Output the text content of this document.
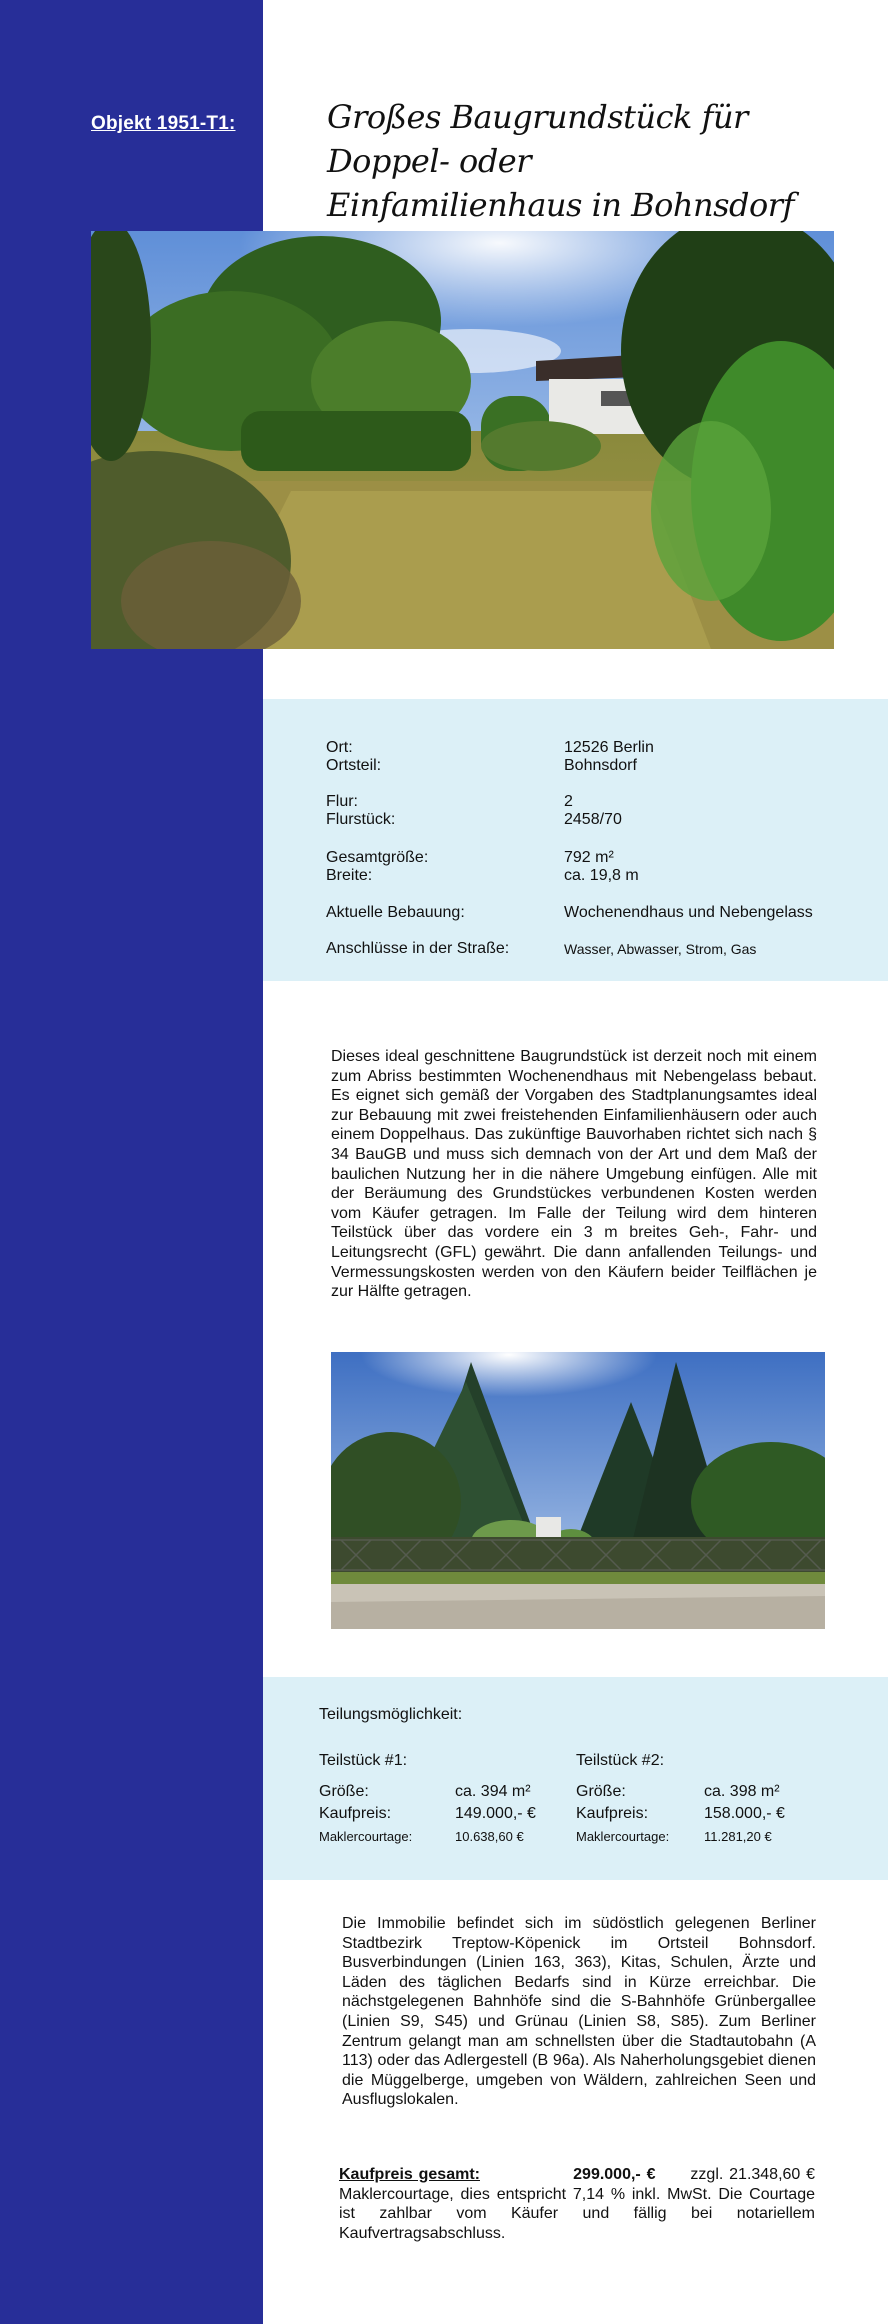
Objekt 1951-T1:	Großes Baugrundstück für Doppel- oder
Einfamilienhaus in Bohnsdorf
Ort:	12526 Berlin
Ortsteil:	Bohnsdorf
Flur:	2
Flurstück:	2458/70
Gesamtgröße:	792 m²
Breite:	ca. 19,8 m
Aktuelle Bebauung:	Wochenendhaus und Nebengelass
Anschlüsse in der Straße:	Wasser, Abwasser, Strom, Gas
Dieses ideal geschnittene Baugrundstück ist derzeit noch mit einem zum Abriss bestimmten Wochenendhaus mit Nebengelass bebaut. Es eignet sich gemäß der Vorgaben des Stadtplanungsamtes ideal zur Bebauung mit zwei freistehenden Einfamilienhäusern oder auch einem Doppelhaus. Das zukünftige Bauvorhaben richtet sich nach § 34 BauGB und muss sich demnach von der Art und dem Maß der baulichen Nutzung her in die nähere Umgebung einfügen. Alle mit der Beräumung des Grundstückes verbundenen Kosten werden vom Käufer getragen. Im Falle der Teilung wird dem hinteren Teilstück über das vordere ein 3 m breites Geh-, Fahr- und Leitungsrecht (GFL) gewährt. Die dann anfallenden Teilungs- und Vermessungskosten werden von den Käufern beider Teilflächen je zur Hälfte getragen.
Teilungsmöglichkeit:
Teilstück #1:
Größe:	ca. 394 m²
Kaufpreis:	149.000,- €
Maklercourtage:	10.638,60 €
Teilstück #2:
Größe:	ca. 398 m²
Kaufpreis:	158.000,- €
Maklercourtage:	11.281,20 €
Die Immobilie befindet sich im südöstlich gelegenen Berliner Stadtbezirk Treptow-Köpenick im Ortsteil Bohnsdorf. Busverbindungen (Linien 163, 363), Kitas, Schulen, Ärzte und Läden des täglichen Bedarfs sind in Kürze erreichbar. Die nächstgelegenen Bahnhöfe sind die S-Bahnhöfe Grünbergallee (Linien S9, S45) und Grünau (Linien S8, S85). Zum Berliner Zentrum gelangt man am schnellsten über die Stadtautobahn (A 113) oder das Adlergestell (B 96a). Als Naherholungsgebiet dienen die Müggelberge, umgeben von Wäldern, zahlreichen Seen und Ausflugslokalen.
Kaufpreis gesamt:	299.000,- € zzgl. 21.348,60 € Maklercourtage, dies entspricht 7,14 % inkl. MwSt. Die Courtage ist zahlbar vom Käufer und fällig bei notariellem Kaufvertragsabschluss.
